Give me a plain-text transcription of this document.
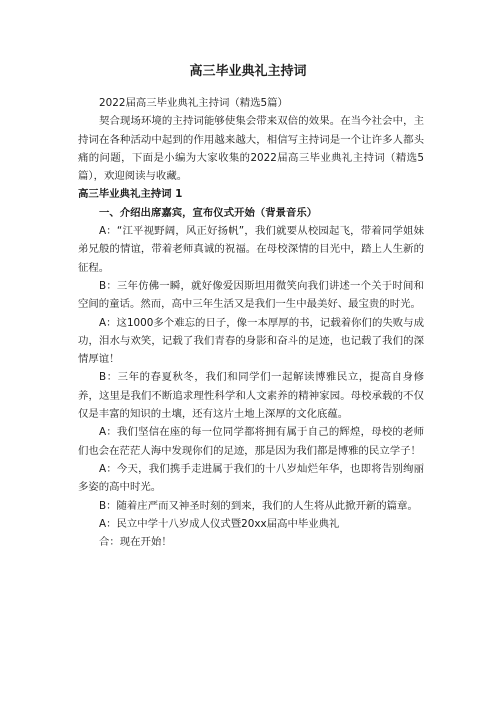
高三毕业典礼主持词

2022届高三毕业典礼主持词（精选5篇）

契合现场环境的主持词能够使集会带来双倍的效果。在当今社会中，主持词在各种活动中起到的作用越来越大，相信写主持词是一个让许多人都头痛的问题，下面是小编为大家收集的2022届高三毕业典礼主持词（精选5篇），欢迎阅读与收藏。

高三毕业典礼主持词 1

一、介绍出席嘉宾，宣布仪式开始（背景音乐）

A：“江平视野阔，风正好扬帆”，我们就要从校园起飞，带着同学姐妹弟兄般的情谊，带着老师真诚的祝福。在母校深情的目光中，踏上人生新的征程。

B：三年仿佛一瞬，就好像爱因斯坦用微笑向我们讲述一个关于时间和空间的童话。然而，高中三年生活又是我们一生中最美好、最宝贵的时光。

A：这1000多个难忘的日子，像一本厚厚的书，记载着你们的失败与成功，泪水与欢笑，记载了我们青春的身影和奋斗的足迹，也记载了我们的深情厚谊！

B：三年的春夏秋冬，我们和同学们一起解读博雅民立，提高自身修养，这里是我们不断追求理性科学和人文素养的精神家园。母校承载的不仅仅是丰富的知识的土壤，还有这片土地上深厚的文化底蕴。

A：我们坚信在座的每一位同学都将拥有属于自己的辉煌，母校的老师们也会在茫茫人海中发现你们的足迹，那是因为我们都是博雅的民立学子！

A：今天，我们携手走进属于我们的十八岁灿烂年华，也即将告别绚丽多姿的高中时光。

B：随着庄严而又神圣时刻的到来，我们的人生将从此掀开新的篇章。

A：民立中学十八岁成人仪式暨20xx届高中毕业典礼

合：现在开始！
